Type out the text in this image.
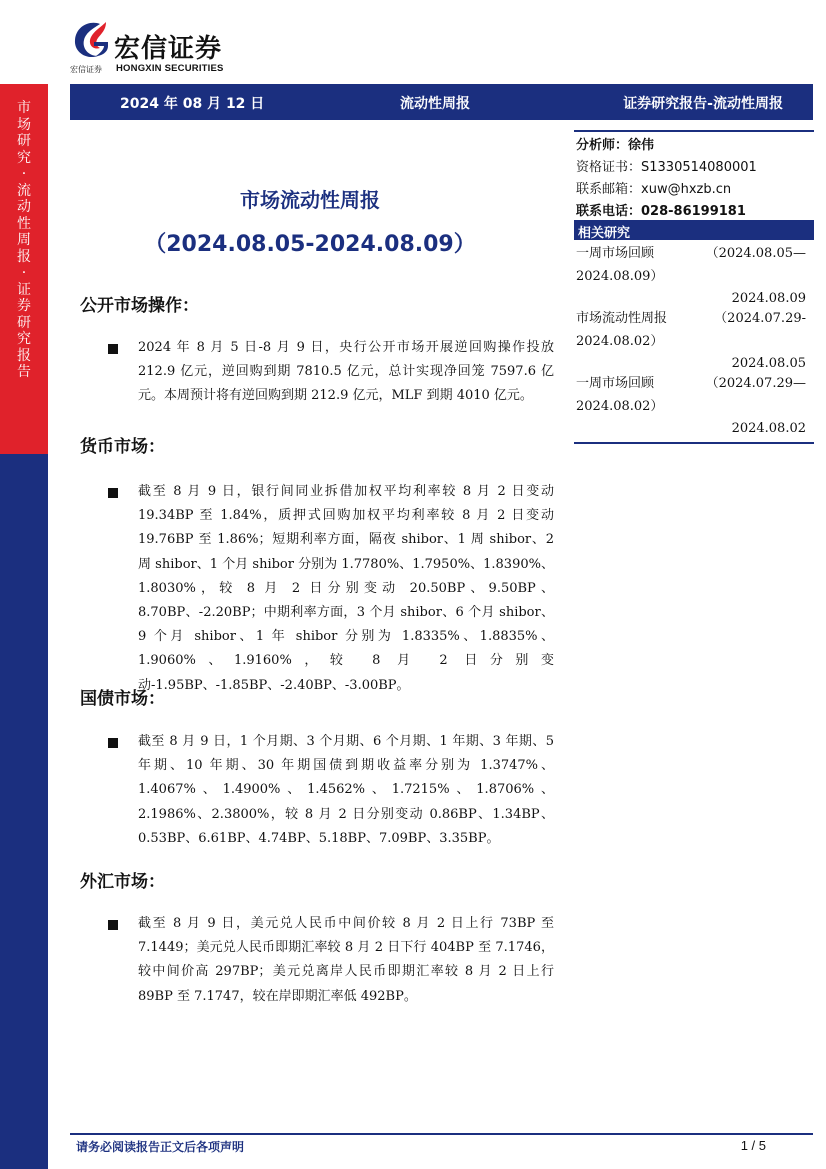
市场研究·流动性周报·证券研究报告
宏信证券
宏信证券 HONGXIN SECURITIES
2024 年 08 月 12 日	流动性周报	证券研究报告-流动性周报
市场流动性周报
（2024.08.05-2024.08.09）
分析师：徐伟
资格证书：S1330514080001
联系邮箱：xuw@hxzb.cn
联系电话：028-86199181
相关研究
一周市场回顾	（2024.08.05—
2024.08.09）
2024.08.09
市场流动性周报	（2024.07.29-
2024.08.02）
2024.08.05
一周市场回顾	（2024.07.29—
2024.08.02）
2024.08.02
公开市场操作：
2024 年 8 月 5 日-8 月 9 日，央行公开市场开展逆回购操作投放 212.9 亿元，逆回购到期 7810.5 亿元，总计实现净回笼 7597.6 亿元。本周预计将有逆回购到期 212.9 亿元，MLF 到期 4010 亿元。
货币市场：
截至 8 月 9 日，银行间同业拆借加权平均利率较 8 月 2 日变动 19.34BP 至 1.84%，质押式回购加权平均利率较 8 月 2 日变动 19.76BP 至 1.86%；短期利率方面，隔夜 shibor、1 周 shibor、2 周 shibor、1 个月 shibor 分别为 1.7780%、1.7950%、1.8390%、1.8030%，较 8 月 2 日分别变动 20.50BP、9.50BP、8.70BP、-2.20BP；中期利率方面，3 个月 shibor、6 个月 shibor、9 个月 shibor、1 年 shibor 分别为 1.8335%、1.8835%、1.9060%、1.9160%，较 8 月 2 日分别变动-1.95BP、-1.85BP、-2.40BP、-3.00BP。
国债市场：
截至 8 月 9 日，1 个月期、3 个月期、6 个月期、1 年期、3 年期、5 年期、10 年期、30 年期国债到期收益率分别为 1.3747%、1.4067%、1.4900%、1.4562%、1.7215%、1.8706%、2.1986%、2.3800%，较 8 月 2 日分别变动 0.86BP、1.34BP、0.53BP、6.61BP、4.74BP、5.18BP、7.09BP、3.35BP。
外汇市场：
截至 8 月 9 日，美元兑人民币中间价较 8 月 2 日上行 73BP 至 7.1449；美元兑人民币即期汇率较 8 月 2 日下行 404BP 至 7.1746，较中间价高 297BP；美元兑离岸人民币即期汇率较 8 月 2 日上行 89BP 至 7.1747，较在岸即期汇率低 492BP。
请务必阅读报告正文后各项声明	1 / 5
